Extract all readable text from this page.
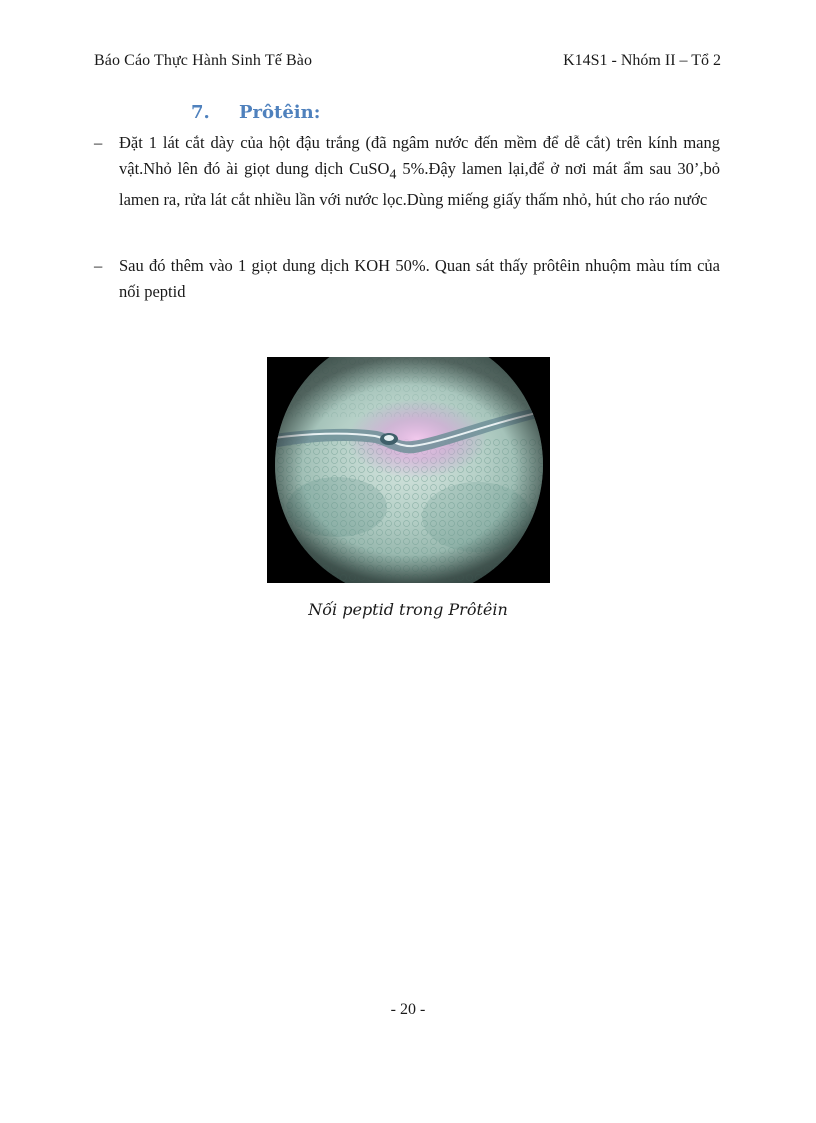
Báo Cáo Thực Hành Sinh Tế Bào	K14S1 - Nhóm II – Tổ 2
7. Prôtêin:
– Đặt 1 lát cắt dày của hột đậu trắng (đã ngâm nước đến mềm để dễ cắt) trên kính mang vật.Nhỏ lên đó ài giọt dung dịch CuSO$_4$ 5%.Đậy lamen lại,để ở nơi mát ẩm sau 30’,bỏ lamen ra, rửa lát cắt nhiều lần với nước lọc.Dùng miếng giấy thấm nhỏ, hút cho ráo nước
– Sau đó thêm vào 1 giọt dung dịch KOH 50%. Quan sát thấy prôtêin nhuộm màu tím của nối peptid
Nối peptid trong Prôtêin
- 20 -
